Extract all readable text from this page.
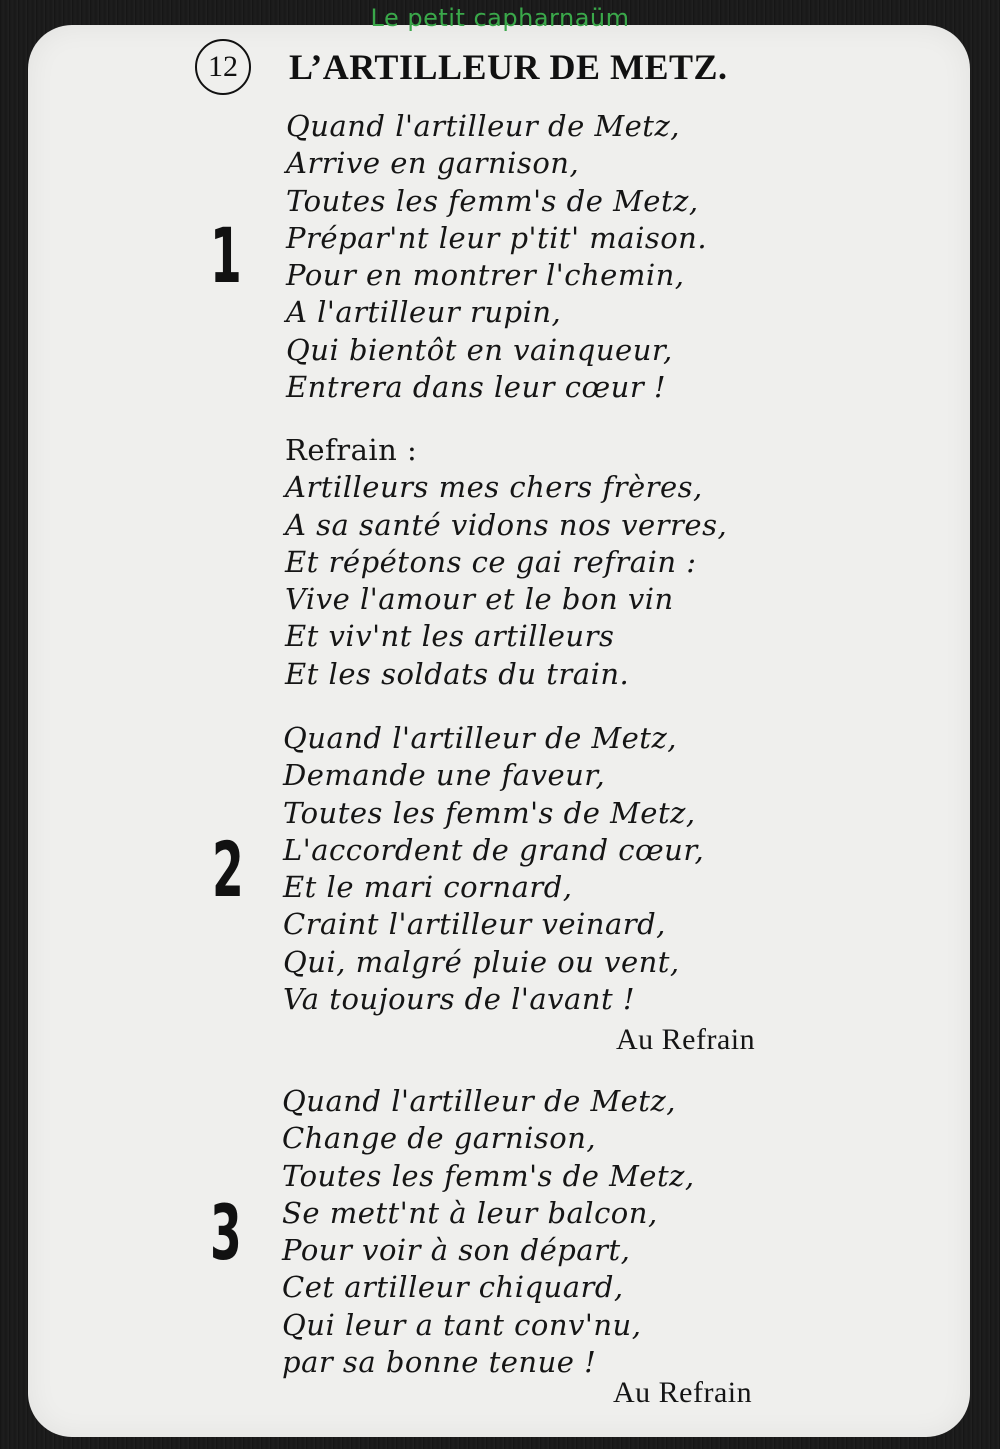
Le petit capharnaüm
12	L’ARTILLEUR DE METZ.
1
Quand l'artilleur de Metz,
Arrive en garnison,
Toutes les femm's de Metz,
Prépar'nt leur p'tit' maison.
Pour en montrer l'chemin,
A l'artilleur rupin,
Qui bientôt en vainqueur,
Entrera dans leur cœur !
Refrain :
Artilleurs mes chers frères,
A sa santé vidons nos verres,
Et répétons ce gai refrain :
Vive l'amour et le bon vin
Et viv'nt les artilleurs
Et les soldats du train.
2
Quand l'artilleur de Metz,
Demande une faveur,
Toutes les femm's de Metz,
L'accordent de grand cœur,
Et le mari cornard,
Craint l'artilleur veinard,
Qui, malgré pluie ou vent,
Va toujours de l'avant !
Au Refrain
3
Quand l'artilleur de Metz,
Change de garnison,
Toutes les femm's de Metz,
Se mett'nt à leur balcon,
Pour voir à son départ,
Cet artilleur chiquard,
Qui leur a tant conv'nu,
par sa bonne tenue !
Au Refrain
